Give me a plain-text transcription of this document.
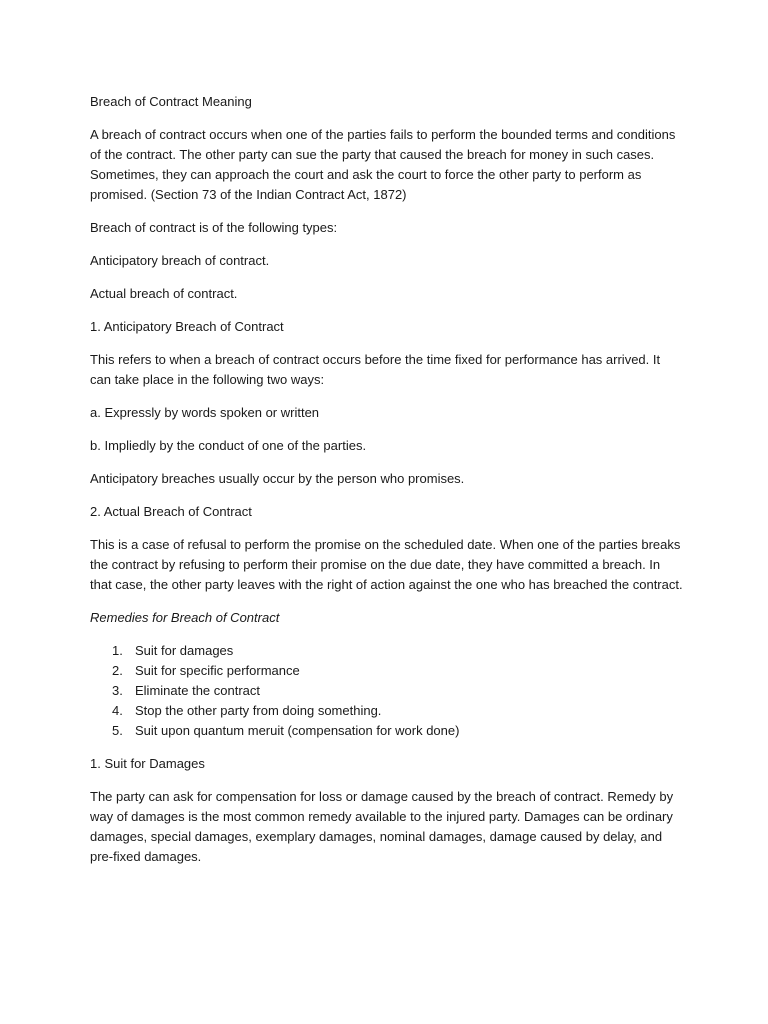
Breach of Contract Meaning

A breach of contract occurs when one of the parties fails to perform the bounded terms and conditions of the contract. The other party can sue the party that caused the breach for money in such cases. Sometimes, they can approach the court and ask the court to force the other party to perform as promised. (Section 73 of the Indian Contract Act, 1872)

Breach of contract is of the following types:

Anticipatory breach of contract.

Actual breach of contract.

1. Anticipatory Breach of Contract

This refers to when a breach of contract occurs before the time fixed for performance has arrived. It can take place in the following two ways:

a. Expressly by words spoken or written

b. Impliedly by the conduct of one of the parties.

Anticipatory breaches usually occur by the person who promises.

2. Actual Breach of Contract

This is a case of refusal to perform the promise on the scheduled date. When one of the parties breaks the contract by refusing to perform their promise on the due date, they have committed a breach. In that case, the other party leaves with the right of action against the one who has breached the contract.

Remedies for Breach of Contract

1. Suit for damages
2. Suit for specific performance
3. Eliminate the contract
4. Stop the other party from doing something.
5. Suit upon quantum meruit (compensation for work done)

1. Suit for Damages

The party can ask for compensation for loss or damage caused by the breach of contract. Remedy by way of damages is the most common remedy available to the injured party. Damages can be ordinary damages, special damages, exemplary damages, nominal damages, damage caused by delay, and pre-fixed damages.
